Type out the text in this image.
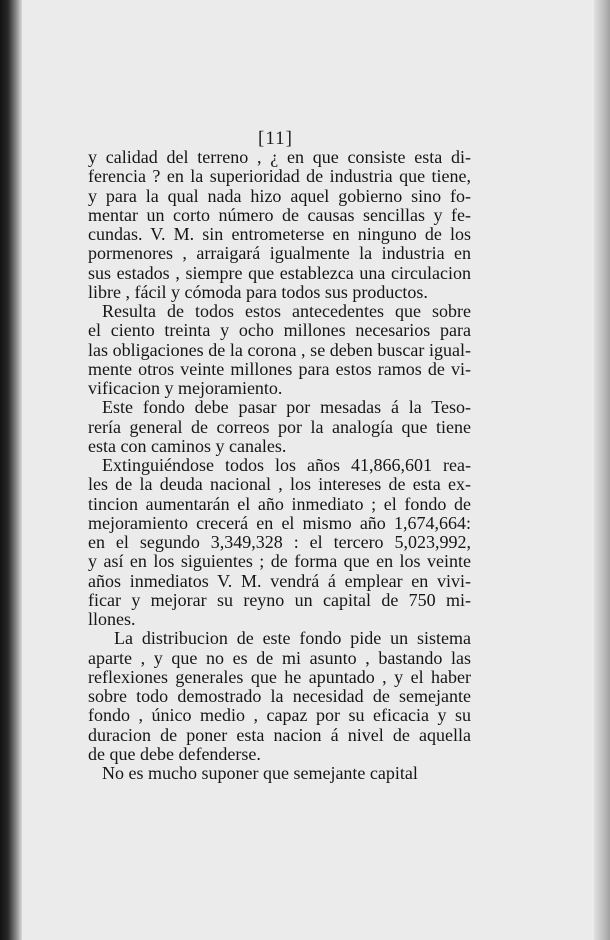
[11]
y calidad del terreno , ¿ en que consiste esta di-
ferencia ? en la superioridad de industria que tiene,
y para la qual nada hizo aquel gobierno sino fo-
mentar un corto número de causas sencillas y fe-
cundas. V. M. sin entrometerse en ninguno de los
pormenores , arraigará igualmente la industria en
sus estados , siempre que establezca una circulacion
libre , fácil y cómoda para todos sus productos.
Resulta de todos estos antecedentes que sobre
el ciento treinta y ocho millones necesarios para
las obligaciones de la corona , se deben buscar igual-
mente otros veinte millones para estos ramos de vi-
vificacion y mejoramiento.
Este fondo debe pasar por mesadas á la Teso-
rería general de correos por la analogía que tiene
esta con caminos y canales.
Extinguiéndose todos los años 41,866,601 rea-
les de la deuda nacional , los intereses de esta ex-
tincion aumentarán el año inmediato ; el fondo de
mejoramiento crecerá en el mismo año 1,674,664:
en el segundo 3,349,328 : el tercero 5,023,992,
y así en los siguientes ; de forma que en los veinte
años inmediatos V. M. vendrá á emplear en vivi-
ficar y mejorar su reyno un capital de 750 mi-
llones.
La distribucion de este fondo pide un sistema
aparte , y que no es de mi asunto , bastando las
reflexiones generales que he apuntado , y el haber
sobre todo demostrado la necesidad de semejante
fondo , único medio , capaz por su eficacia y su
duracion de poner esta nacion á nivel de aquella
de que debe defenderse.
No es mucho suponer que semejante capital
